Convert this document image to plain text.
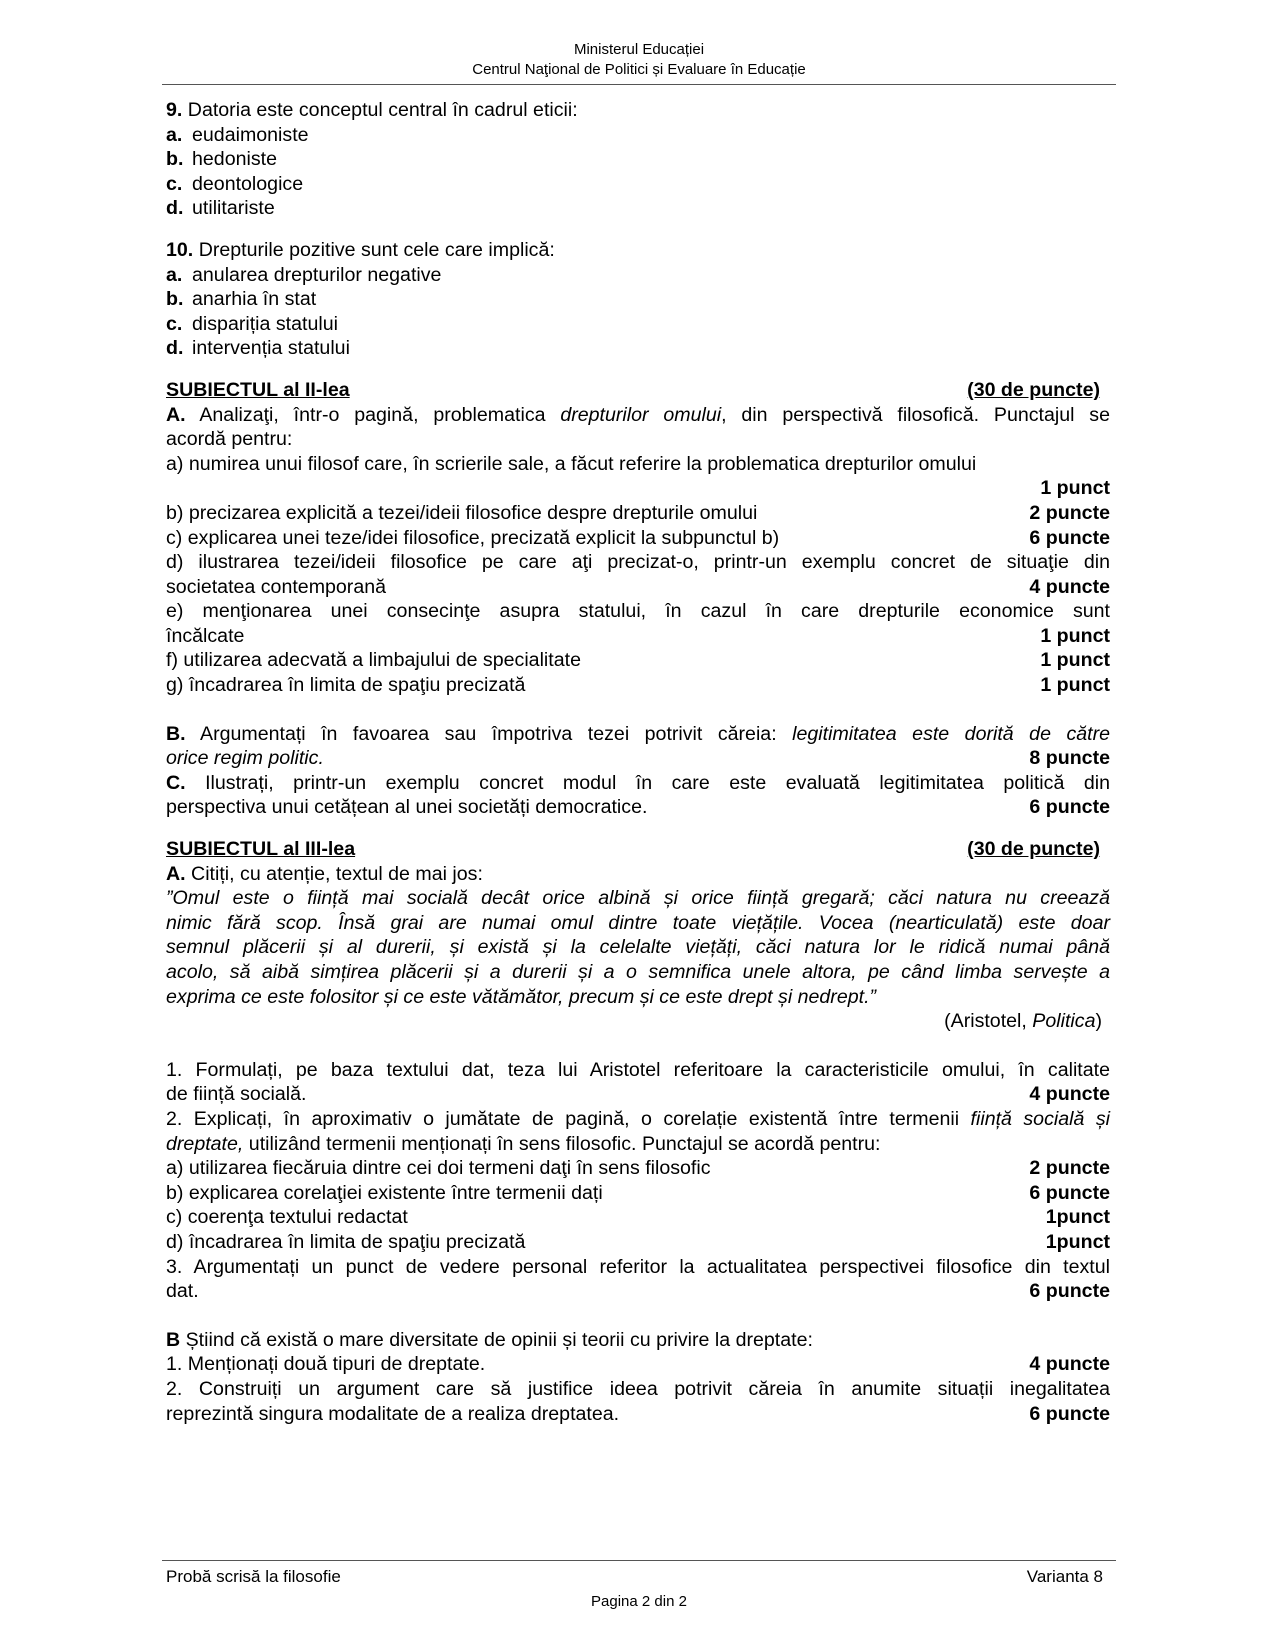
Ministerul Educației
Centrul Naţional de Politici și Evaluare în Educație
9. Datoria este conceptul central în cadrul eticii:
a. eudaimoniste
b. hedoniste
c. deontologice
d. utilitariste
10. Drepturile pozitive sunt cele care implică:
a. anularea drepturilor negative
b. anarhia în stat
c. dispariția statului
d. intervenția statului
SUBIECTUL al II-lea	(30 de puncte)
A. Analizaţi, într-o pagină, problematica drepturilor omului, din perspectivă filosofică. Punctajul se
acordă pentru:
a) numirea unui filosof care, în scrierile sale, a făcut referire la problematica drepturilor omului
1 punct
b) precizarea explicită a tezei/ideii filosofice despre drepturile omului	2 puncte
c) explicarea unei teze/idei filosofice, precizată explicit la subpunctul b)	6 puncte
d) ilustrarea tezei/ideii filosofice pe care aţi precizat-o, printr-un exemplu concret de situaţie din
societatea contemporană	4 puncte
e) menţionarea unei consecinţe asupra statului, în cazul în care drepturile economice sunt
încălcate	1 punct
f) utilizarea adecvată a limbajului de specialitate	1 punct
g) încadrarea în limita de spaţiu precizată	1 punct
B. Argumentați în favoarea sau împotriva tezei potrivit căreia: legitimitatea este dorită de către
orice regim politic.	8 puncte
C. Ilustrați, printr-un exemplu concret modul în care este evaluată legitimitatea politică din
perspectiva unui cetățean al unei societăți democratice.	6 puncte
SUBIECTUL al III-lea	(30 de puncte)
A. Citiți, cu atenție, textul de mai jos:
”Omul este o ființă mai socială decât orice albină și orice ființă gregară; căci natura nu creează
nimic fără scop. Însă grai are numai omul dintre toate viețățile. Vocea (nearticulată) este doar
semnul plăcerii și al durerii, și există și la celelalte viețăți, căci natura lor le ridică numai până
acolo, să aibă simțirea plăcerii și a durerii și a o semnifica unele altora, pe când limba servește a
exprima ce este folositor și ce este vătămător, precum și ce este drept și nedrept.”
(Aristotel, Politica)
1. Formulați, pe baza textului dat, teza lui Aristotel referitoare la caracteristicile omului, în calitate
de ființă socială.	4 puncte
2. Explicați, în aproximativ o jumătate de pagină, o corelație existentă între termenii ființă socială și
dreptate, utilizând termenii menționați în sens filosofic. Punctajul se acordă pentru:
a) utilizarea fiecăruia dintre cei doi termeni daţi în sens filosofic	2 puncte
b) explicarea corelaţiei existente între termenii dați	6 puncte
c) coerenţa textului redactat	1punct
d) încadrarea în limita de spaţiu precizată	1punct
3. Argumentați un punct de vedere personal referitor la actualitatea perspectivei filosofice din textul
dat.	6 puncte
B Știind că există o mare diversitate de opinii și teorii cu privire la dreptate:
1. Menționați două tipuri de dreptate.	4 puncte
2. Construiți un argument care să justifice ideea potrivit căreia în anumite situații inegalitatea
reprezintă singura modalitate de a realiza dreptatea.	6 puncte
Probă scrisă la filosofie	Varianta 8
Pagina 2 din 2
